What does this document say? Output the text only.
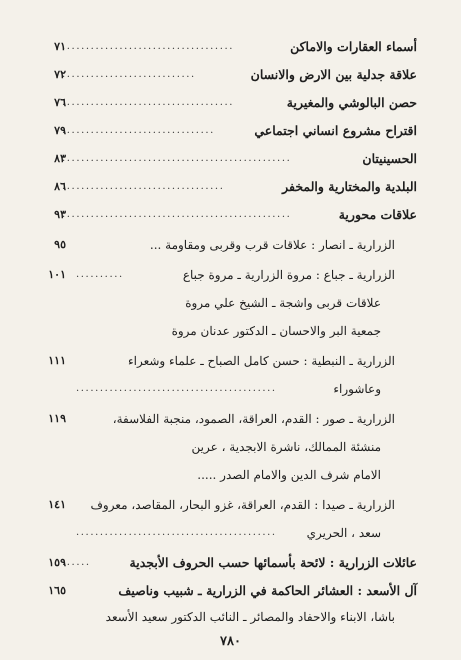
أسماء العقارات والاماكن
....................................
٧١
علاقة جدلية بين الارض والانسان
............................
٧٢
حصن البالوشي والمغيرية
....................................
٧٦
اقتراح مشروع انساني اجتماعي
................................
٧٩
الحسينيتان
................................................
٨٣
البلدية والمختارية والمخفر
..................................
٨٦
علاقات محورية
................................................
٩٣
الزرارية ـ انصار : علاقات قرب وقربى ومقاومة ...
٩٥
الزرارية ـ جباع : مروة الزرارية ـ مروة جباع
..........
١٠١
علاقات قربى واشجة ـ الشيخ علي مروة
جمعية البر والاحسان ـ الدكتور عدنان مروة
الزرارية ـ النبطية : حسن كامل الصباح ـ علماء وشعراء
١١١
وعاشوراء
..........................................
الزرارية ـ صور : القدم، العراقة، الصمود، منجبة الفلاسفة،
١١٩
منشئة الممالك، ناشرة الابجدية ، عرين
الامام شرف الدين والامام الصدر .....
الزرارية ـ صيدا : القدم، العراقة، غزو البحار، المقاصد، معروف
١٤١
سعد ، الحريري
..........................................
عائلات الزرارية : لائحة بأسمائها حسب الحروف الأبجدية
......
١٥٩
آل الأسعد : العشائر الحاكمة في الزرارية ـ شبيب وناصيف
١٦٥
٧٨٠
باشا، الابناء والاحفاد والمصائر ـ النائب الدكتور سعيد الأسعد
